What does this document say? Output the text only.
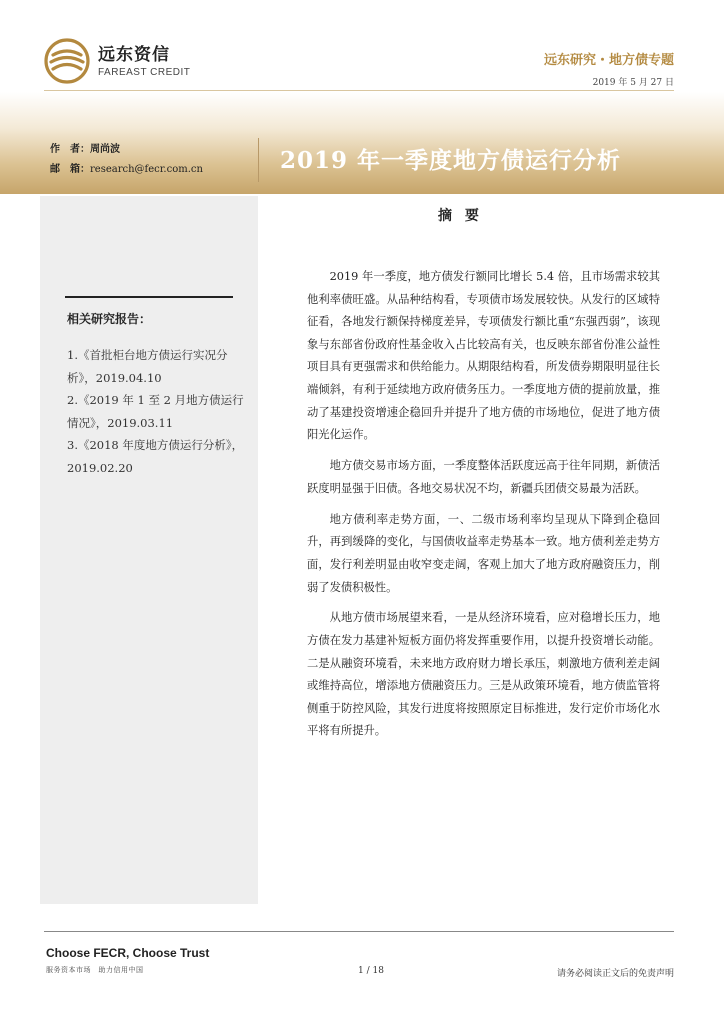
远东资信
FAREAST CREDIT
远东研究・地方债专题
2019 年 5 月 27 日
作　者：周尚波
邮　箱：research@fecr.com.cn	2019 年一季度地方债运行分析
相关研究报告：
1.《首批柜台地方债运行实况分析》，2019.04.10
2.《2019 年 1 至 2 月地方债运行情况》，2019.03.11
3.《2018 年度地方债运行分析》，2019.02.20
摘 要

2019 年一季度，地方债发行额同比增长 5.4 倍，且市场需求较其他利率债旺盛。从品种结构看，专项债市场发展较快。从发行的区域特征看，各地发行额保持梯度差异，专项债发行额比重“东强西弱”，该现象与东部省份政府性基金收入占比较高有关，也反映东部省份准公益性项目具有更强需求和供给能力。从期限结构看，所发债券期限明显往长端倾斜，有利于延续地方政府债务压力。一季度地方债的提前放量，推动了基建投资增速企稳回升并提升了地方债的市场地位，促进了地方债阳光化运作。

地方债交易市场方面，一季度整体活跃度远高于往年同期，新债活跃度明显强于旧债。各地交易状况不均，新疆兵团债交易最为活跃。

地方债利率走势方面，一、二级市场利率均呈现从下降到企稳回升，再到缓降的变化，与国债收益率走势基本一致。地方债利差走势方面，发行利差明显由收窄变走阔，客观上加大了地方政府融资压力，削弱了发债积极性。

从地方债市场展望来看，一是从经济环境看，应对稳增长压力，地方债在发力基建补短板方面仍将发挥重要作用，以提升投资增长动能。二是从融资环境看，未来地方政府财力增长承压，刺激地方债利差走阔或维持高位，增添地方债融资压力。三是从政策环境看，地方债监管将侧重于防控风险，其发行进度将按照原定目标推进，发行定价市场化水平将有所提升。

Choose FECR, Choose Trust
服务资本市场　助力信用中国	1 / 18	请务必阅读正文后的免责声明
